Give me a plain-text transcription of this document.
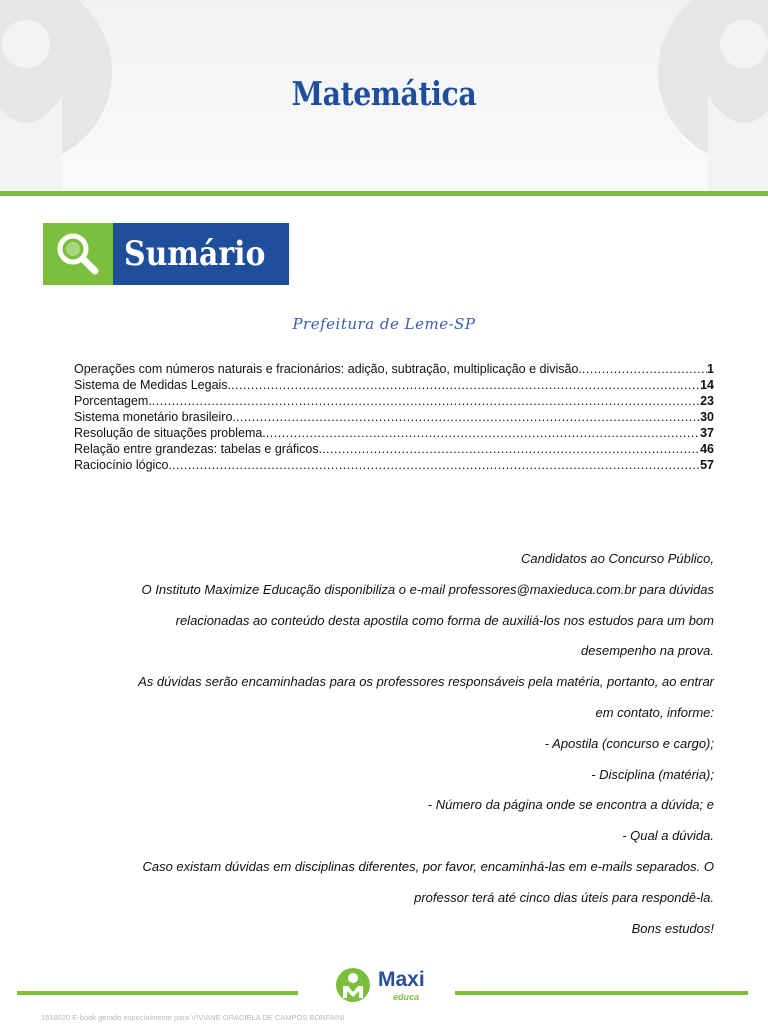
Matemática
Sumário
Prefeitura de Leme-SP
Operações com números naturais e fracionários: adição, subtração, multiplicação e divisão. .....	1
Sistema de Medidas Legais. .....	14
Porcentagem. .....	23
Sistema monetário brasileiro. .....	30
Resolução de situações problema. .....	37
Relação entre grandezas: tabelas e gráficos. .....	46
Raciocínio lógico. .....	57

Candidatos ao Concurso Público,

O Instituto Maximize Educação disponibiliza o e-mail professores@maxieduca.com.br para dúvidas

relacionadas ao conteúdo desta apostila como forma de auxiliá-los nos estudos para um bom

desempenho na prova.

As dúvidas serão encaminhadas para os professores responsáveis pela matéria, portanto, ao entrar

em contato, informe:

- Apostila (concurso e cargo);

- Disciplina (matéria);

- Número da página onde se encontra a dúvida; e

- Qual a dúvida.

Caso existam dúvidas em disciplinas diferentes, por favor, encaminhá-las em e-mails separados. O

professor terá até cinco dias úteis para respondê-la.

Bons estudos!

Maxi
educa
1518020 E-book gerado especialmente para VIVIANE GRACIELA DE CAMPOS BONFAINI
